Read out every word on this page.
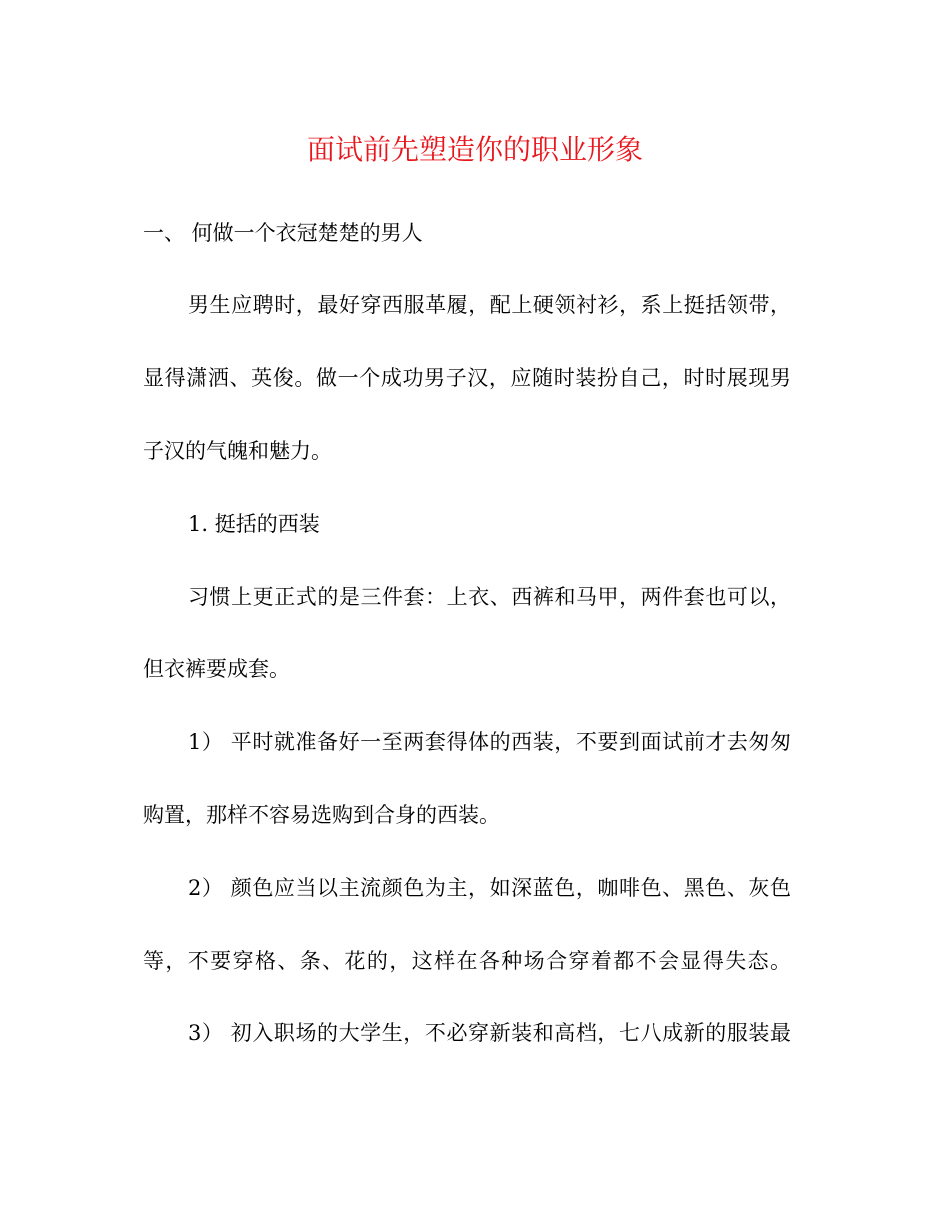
面试前先塑造你的职业形象
一、 何做一个衣冠楚楚的男人
男生应聘时，最好穿西服革履，配上硬领衬衫，系上挺括领带，
显得潇洒、英俊。做一个成功男子汉，应随时装扮自己，时时展现男
子汉的气魄和魅力。
1. 挺括的西装
习惯上更正式的是三件套：上衣、西裤和马甲，两件套也可以，
但衣裤要成套。
1） 平时就准备好一至两套得体的西装，不要到面试前才去匆匆
购置，那样不容易选购到合身的西装。
2） 颜色应当以主流颜色为主，如深蓝色，咖啡色、黑色、灰色
等，不要穿格、条、花的，这样在各种场合穿着都不会显得失态。
3） 初入职场的大学生，不必穿新装和高档，七八成新的服装最
